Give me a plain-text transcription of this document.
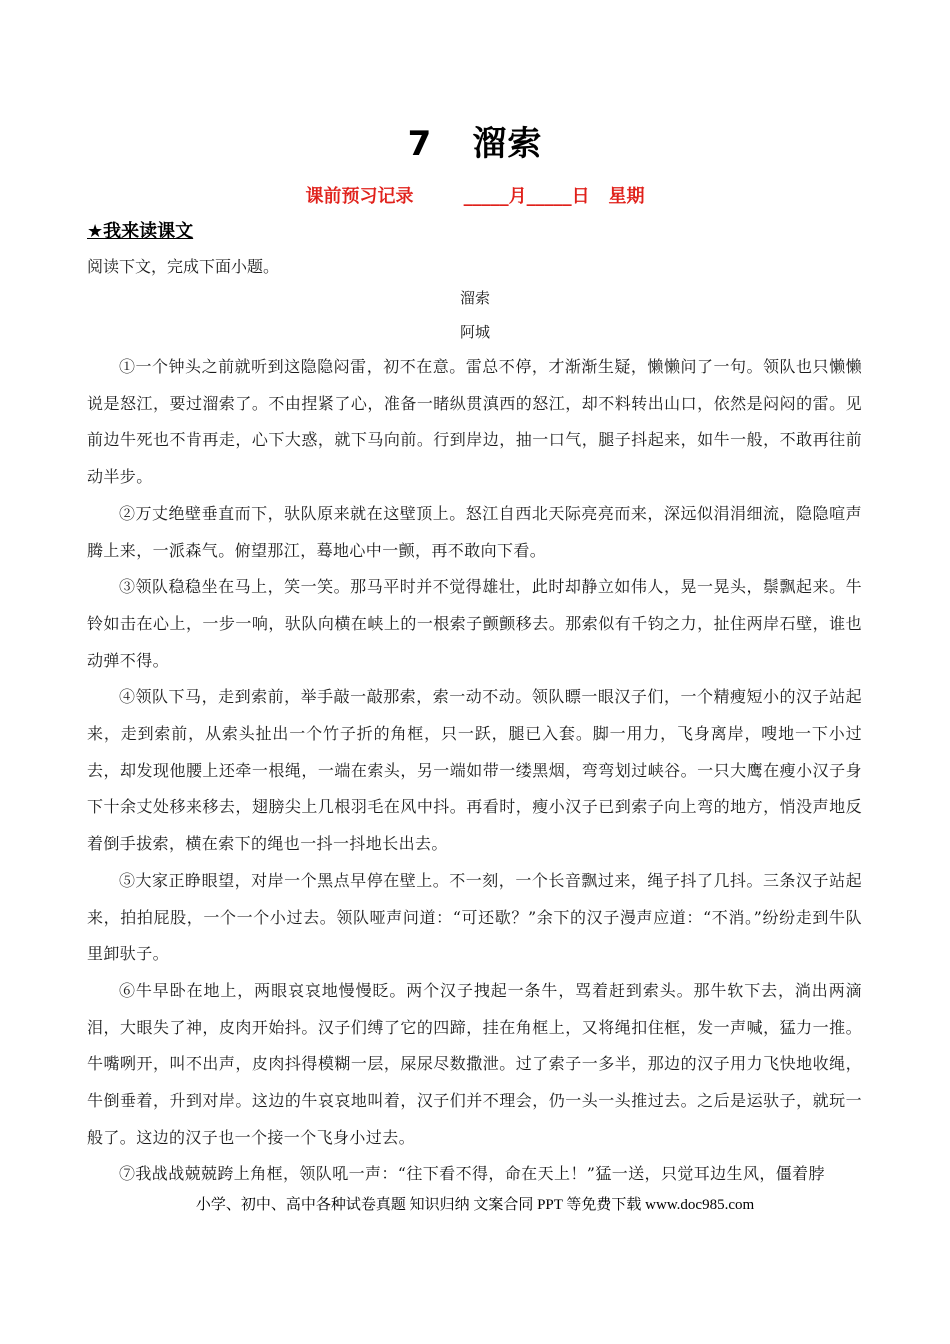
7 溜索
课前预习记录	_____月_____日 星期
★我来读课文
阅读下文，完成下面小题。
溜索
阿城

①一个钟头之前就听到这隐隐闷雷，初不在意。雷总不停，才渐渐生疑，懒懒问了一句。领队也只懒懒说是怒江，要过溜索了。不由捏紧了心，准备一睹纵贯滇西的怒江，却不料转出山口，依然是闷闷的雷。见前边牛死也不肯再走，心下大惑，就下马向前。行到岸边，抽一口气，腿子抖起来，如牛一般，不敢再往前动半步。

②万丈绝壁垂直而下，驮队原来就在这壁顶上。怒江自西北天际亮亮而来，深远似涓涓细流，隐隐喧声腾上来，一派森气。俯望那江，蓦地心中一颤，再不敢向下看。

③领队稳稳坐在马上，笑一笑。那马平时并不觉得雄壮，此时却静立如伟人，晃一晃头，鬃飘起来。牛铃如击在心上，一步一响，驮队向横在峡上的一根索子颤颤移去。那索似有千钧之力，扯住两岸石壁，谁也动弹不得。

④领队下马，走到索前，举手敲一敲那索，索一动不动。领队瞟一眼汉子们，一个精瘦短小的汉子站起来，走到索前，从索头扯出一个竹子折的角框，只一跃，腿已入套。脚一用力，飞身离岸，嗖地一下小过去，却发现他腰上还牵一根绳，一端在索头，另一端如带一缕黑烟，弯弯划过峡谷。一只大鹰在瘦小汉子身下十余丈处移来移去，翅膀尖上几根羽毛在风中抖。再看时，瘦小汉子已到索子向上弯的地方，悄没声地反着倒手拔索，横在索下的绳也一抖一抖地长出去。

⑤大家正睁眼望，对岸一个黑点早停在壁上。不一刻，一个长音飘过来，绳子抖了几抖。三条汉子站起来，拍拍屁股，一个一个小过去。领队哑声问道：“可还歇？”余下的汉子漫声应道：“不消。”纷纷走到牛队里卸驮子。

⑥牛早卧在地上，两眼哀哀地慢慢眨。两个汉子拽起一条牛，骂着赶到索头。那牛软下去，淌出两滴泪，大眼失了神，皮肉开始抖。汉子们缚了它的四蹄，挂在角框上，又将绳扣住框，发一声喊，猛力一推。牛嘴咧开，叫不出声，皮肉抖得模糊一层，屎尿尽数撒泄。过了索子一多半，那边的汉子用力飞快地收绳，牛倒垂着，升到对岸。这边的牛哀哀地叫着，汉子们并不理会，仍一头一头推过去。之后是运驮子，就玩一般了。这边的汉子也一个接一个飞身小过去。

⑦我战战兢兢跨上角框，领队吼一声：“往下看不得，命在天上！”猛一送，只觉耳边生风，僵着脖

小学、初中、高中各种试卷真题 知识归纳 文案合同 PPT 等免费下载 www.doc985.com
